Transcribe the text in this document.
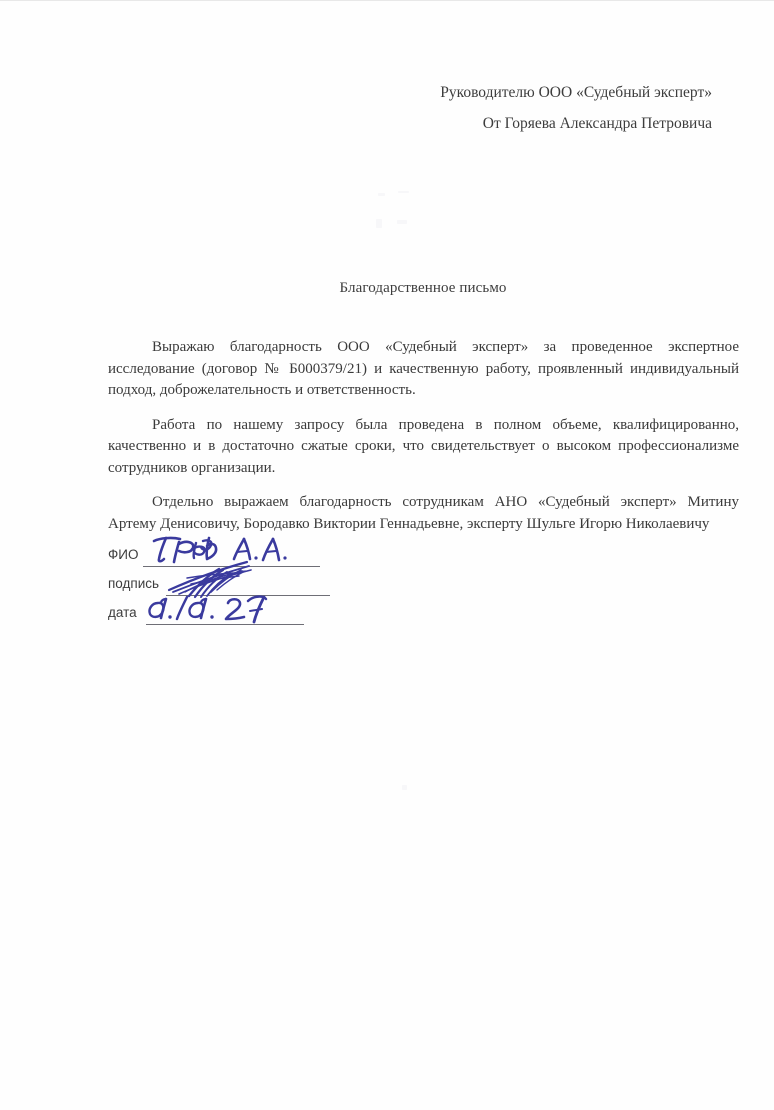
Руководителю ООО «Судебный эксперт»
От Горяева Александра Петровича
Благодарственное письмо

Выражаю благодарность ООО «Судебный эксперт» за проведенное экспертное исследование (договор № Б000379/21) и качественную работу, проявленный индивидуальный подход, доброжелательность и ответственность.

Работа по нашему запросу была проведена в полном объеме, квалифицированно, качественно и в достаточно сжатые сроки, что свидетельствует о высоком профессионализме сотрудников организации.

Отдельно выражаем благодарность сотрудникам АНО «Судебный эксперт» Митину Артему Денисовичу, Бородавко Виктории Геннадьевне, эксперту Шульге Игорю Николаевичу

ФИО
подпись
дата
